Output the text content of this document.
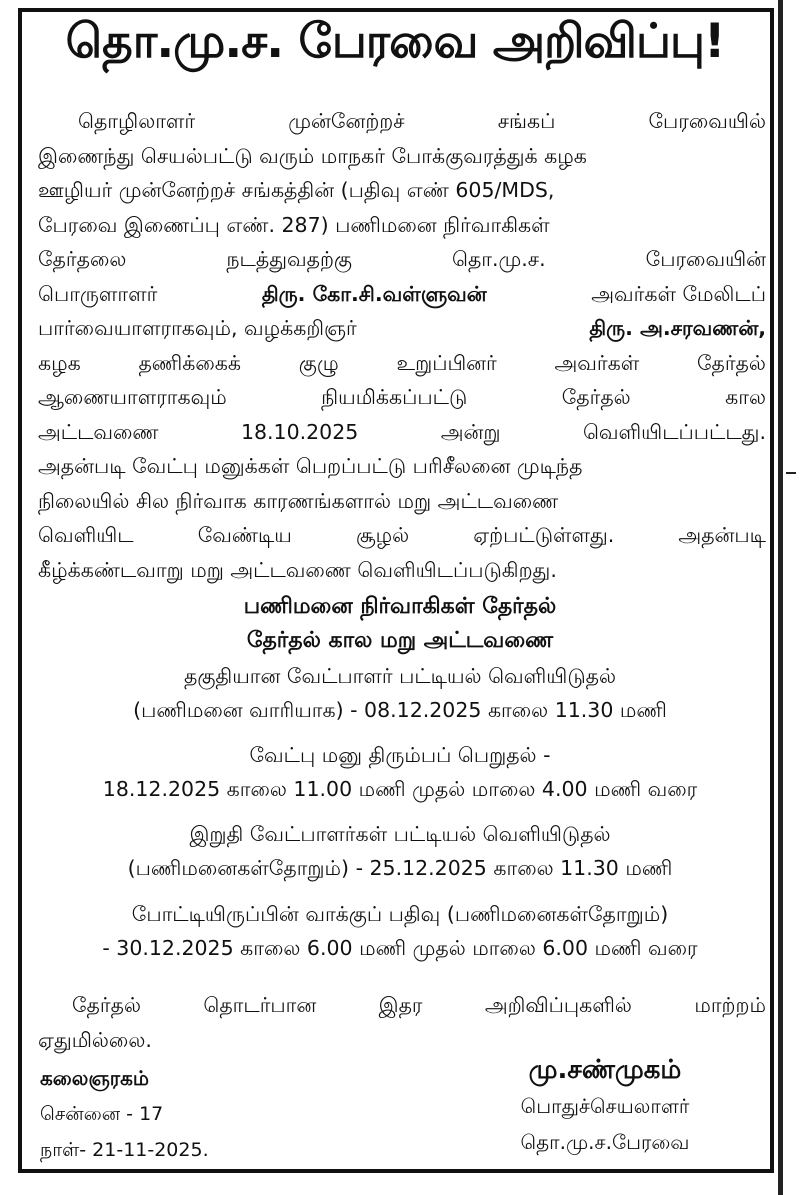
தொ.மு.ச. பேரவை அறிவிப்பு!
தொழிலாளர்	முன்னேற்றச்	சங்கப்	பேரவையில்
இணைந்து செயல்பட்டு வரும் மாநகர் போக்குவரத்துக் கழக
ஊழியர் முன்னேற்றச் சங்கத்தின் (பதிவு எண் 605/MDS,
பேரவை இணைப்பு எண். 287) பணிமனை நிர்வாகிகள்
தேர்தலை	நடத்துவதற்கு	தொ.மு.ச.	பேரவையின்
பொருளாளர்	திரு. கோ.சி.வள்ளுவன்	அவர்கள் மேலிடப்
பார்வையாளராகவும், வழக்கறிஞர்	திரு. அ.சரவணன்,
கழக	தணிக்கைக்	குழு	உறுப்பினர்	அவர்கள்	தேர்தல்
ஆணையாளராகவும்	நியமிக்கப்பட்டு	தேர்தல்	கால
அட்டவணை	18.10.2025	அன்று	வெளியிடப்பட்டது.
அதன்படி வேட்பு மனுக்கள் பெறப்பட்டு பரிசீலனை முடிந்த
நிலையில் சில நிர்வாக காரணங்களால் மறு அட்டவணை
வெளியிட	வேண்டிய	சூழல்	ஏற்பட்டுள்ளது.	அதன்படி
கீழ்க்கண்டவாறு மறு அட்டவணை வெளியிடப்படுகிறது.
பணிமனை நிர்வாகிகள் தேர்தல்
தேர்தல் கால மறு அட்டவணை
தகுதியான வேட்பாளர் பட்டியல் வெளியிடுதல்
(பணிமனை வாரியாக) - 08.12.2025 காலை 11.30 மணி
வேட்பு மனு திரும்பப் பெறுதல் -
18.12.2025 காலை 11.00 மணி முதல் மாலை 4.00 மணி வரை
இறுதி வேட்பாளர்கள் பட்டியல் வெளியிடுதல்
(பணிமனைகள்தோறும்) - 25.12.2025 காலை 11.30 மணி
போட்டியிருப்பின் வாக்குப் பதிவு (பணிமனைகள்தோறும்)
- 30.12.2025 காலை 6.00 மணி முதல் மாலை 6.00 மணி வரை
தேர்தல்	தொடர்பான	இதர	அறிவிப்புகளில்	மாற்றம்
ஏதுமில்லை.
கலைஞரகம்
சென்னை - 17
நாள்- 21-11-2025.
மு.சண்முகம்
பொதுச்செயலாளர்
தொ.மு.ச.பேரவை
